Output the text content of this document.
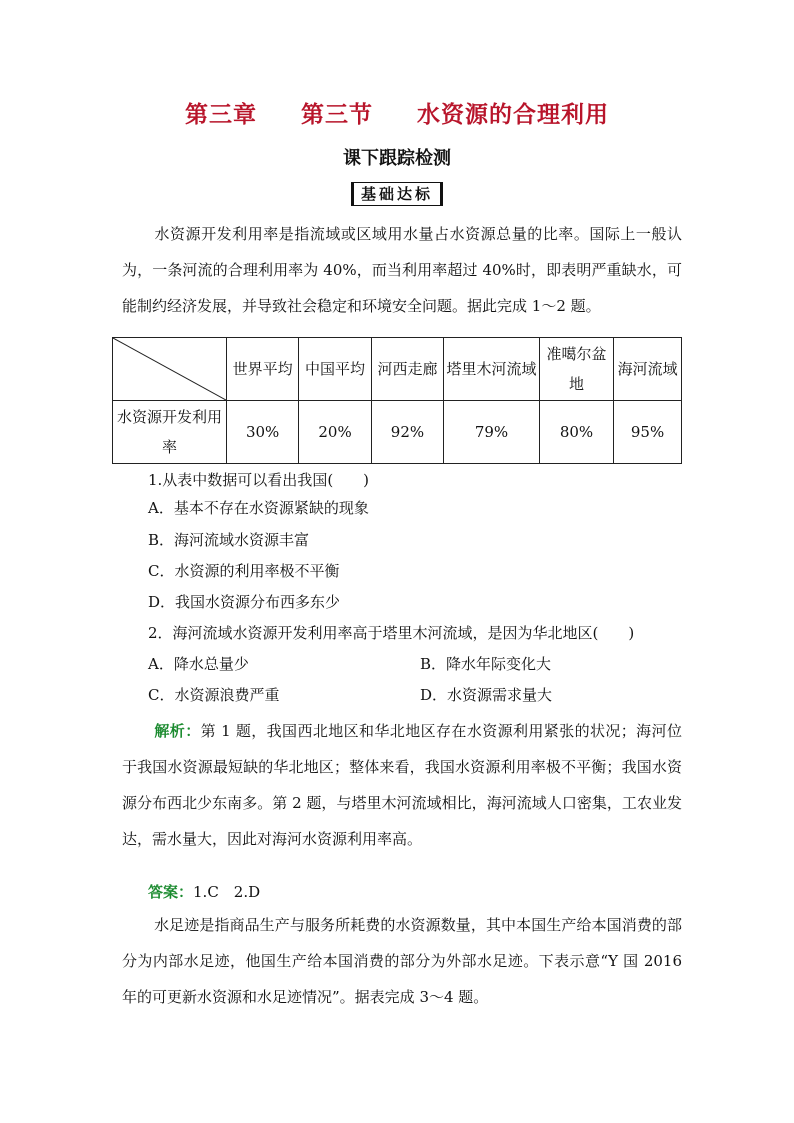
第三章 第三节 水资源的合理利用
课下跟踪检测
基础达标

水资源开发利用率是指流域或区域用水量占水资源总量的比率。国际上一般认为，一条河流的合理利用率为 40%，而当利用率超过 40%时，即表明严重缺水，可能制约经济发展，并导致社会稳定和环境安全问题。据此完成 1～2 题。

	世界平均	中国平均	河西走廊	塔里木河流域	准噶尔盆地	海河流域
水资源开发利用率	30%	20%	92%	79%	80%	95%
1.从表中数据可以看出我国(　　)
A．基本不存在水资源紧缺的现象
B．海河流域水资源丰富
C．水资源的利用率极不平衡
D．我国水资源分布西多东少
2．海河流域水资源开发利用率高于塔里木河流域，是因为华北地区(　　)
A．降水总量少	B．降水年际变化大
C．水资源浪费严重	D．水资源需求量大

解析：第 1 题，我国西北地区和华北地区存在水资源利用紧张的状况；海河位于我国水资源最短缺的华北地区；整体来看，我国水资源利用率极不平衡；我国水资源分布西北少东南多。第 2 题，与塔里木河流域相比，海河流域人口密集，工农业发达，需水量大，因此对海河水资源利用率高。

答案：1.C　2.D

水足迹是指商品生产与服务所耗费的水资源数量，其中本国生产给本国消费的部分为内部水足迹，他国生产给本国消费的部分为外部水足迹。下表示意“Y 国 2016 年的可更新水资源和水足迹情况”。据表完成 3～4 题。
